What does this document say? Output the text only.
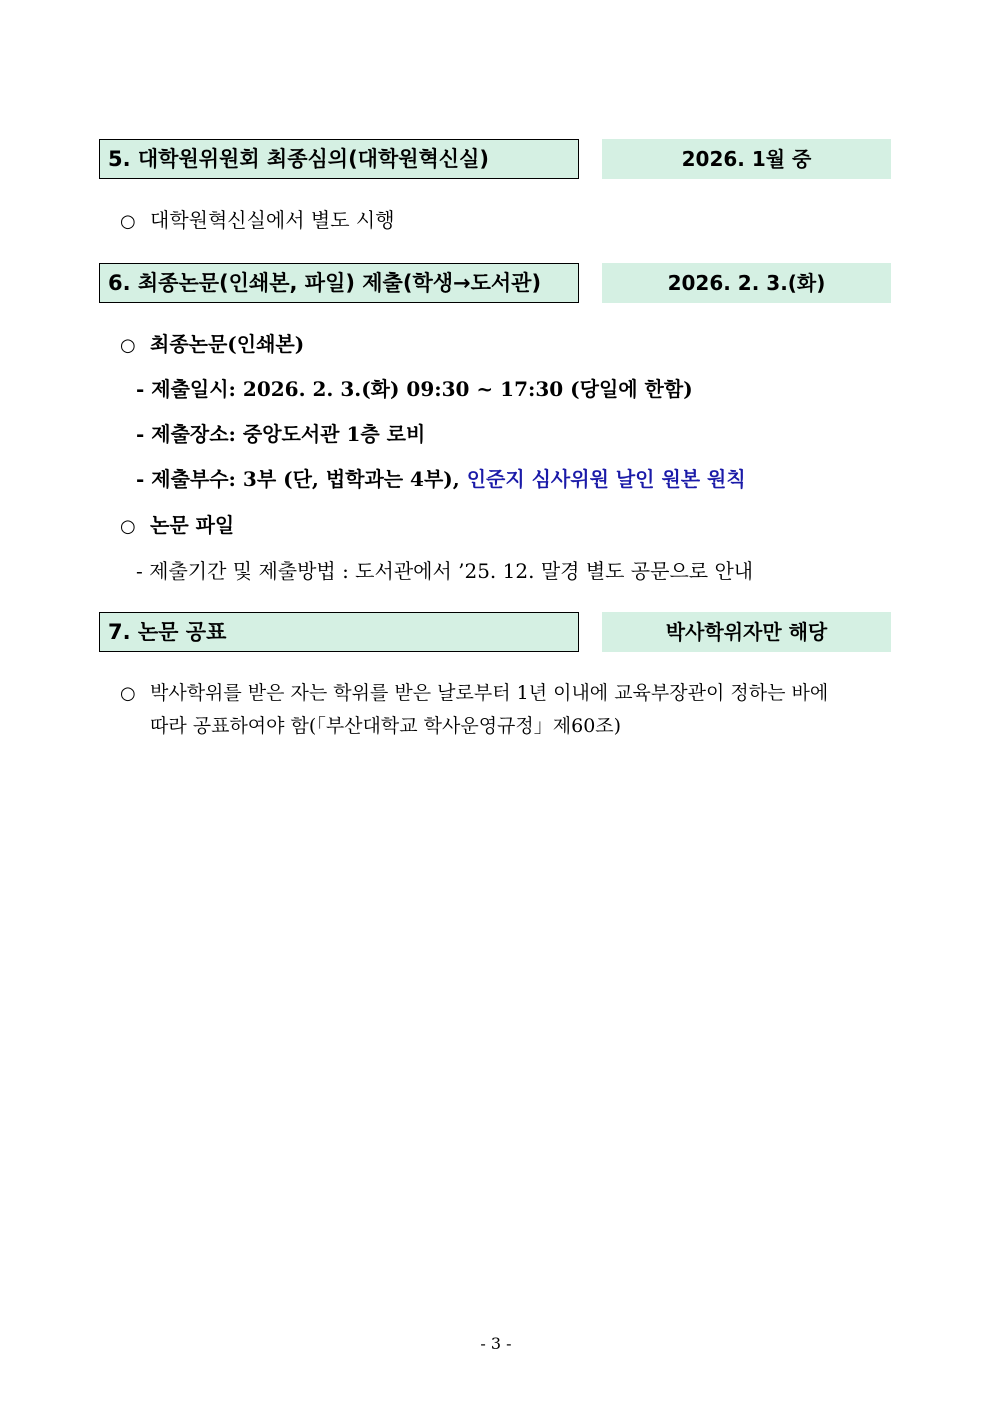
5. 대학원위원회 최종심의(대학원혁신실)	2026. 1월 중
○ 대학원혁신실에서 별도 시행
6. 최종논문(인쇄본, 파일) 제출(학생→도서관)	2026. 2. 3.(화)
○ 최종논문(인쇄본)
- 제출일시: 2026. 2. 3.(화) 09:30 ~ 17:30 (당일에 한함)
- 제출장소: 중앙도서관 1층 로비
- 제출부수: 3부 (단, 법학과는 4부), 인준지 심사위원 날인 원본 원칙
○ 논문 파일
- 제출기간 및 제출방법 : 도서관에서 ’25. 12. 말경 별도 공문으로 안내
7. 논문 공표	박사학위자만 해당
○ 박사학위를 받은 자는 학위를 받은 날로부터 1년 이내에 교육부장관이 정하는 바에
따라 공표하여야 함(「부산대학교 학사운영규정」제60조)
- 3 -
